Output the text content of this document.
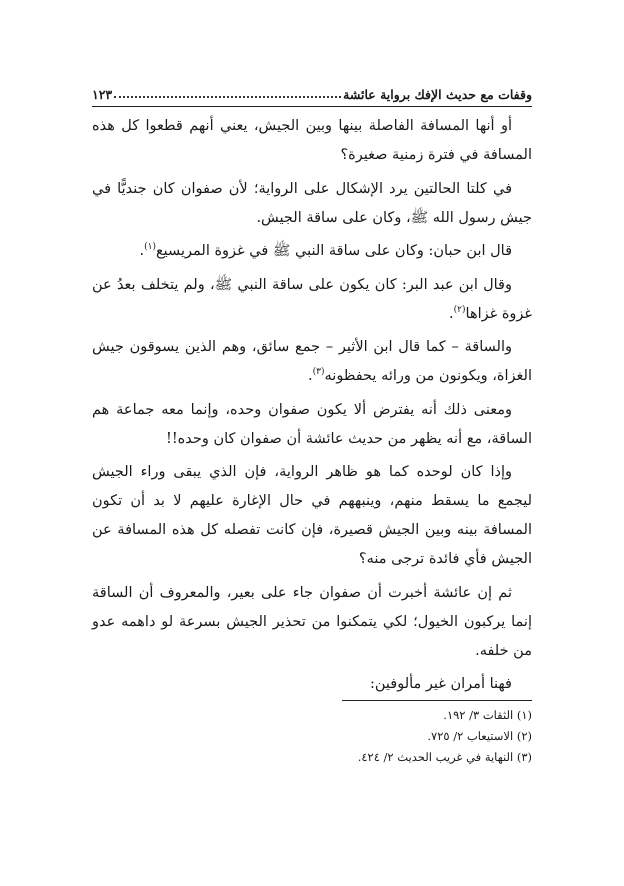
وقفات مع حديث الإفك برواية عائشة
١٢٣

أو أنها المسافة الفاصلة بينها وبين الجيش، يعني أنهم قطعوا كل هذه المسافة في فترة زمنية صغيرة؟

في كلتا الحالتين يرد الإشكال على الرواية؛ لأن صفوان كان جنديًّا في جيش رسول الله ﷺ، وكان على ساقة الجيش.

قال ابن حبان: وكان على ساقة النبي ﷺ في غزوة المريسيع$^{(١)}$.

وقال ابن عبد البر: كان يكون على ساقة النبي ﷺ، ولم يتخلف بعدُ عن غزوة غزاها$^{(٢)}$.

والساقة – كما قال ابن الأثير – جمع سائق، وهم الذين يسوقون جيش الغزاة، ويكونون من ورائه يحفظونه$^{(٣)}$.

ومعنى ذلك أنه يفترض ألا يكون صفوان وحده، وإنما معه جماعة هم الساقة، مع أنه يظهر من حديث عائشة أن صفوان كان وحده!!

وإذا كان لوحده كما هو ظاهر الرواية، فإن الذي يبقى وراء الجيش ليجمع ما يسقط منهم، وينبههم في حال الإغارة عليهم لا بد أن تكون المسافة بينه وبين الجيش قصيرة، فإن كانت تفصله كل هذه المسافة عن الجيش فأي فائدة ترجى منه؟

ثم إن عائشة أخبرت أن صفوان جاء على بعير، والمعروف أن الساقة إنما يركبون الخيول؛ لكي يتمكنوا من تحذير الجيش بسرعة لو داهمه عدو من خلفه.

فهنا أمران غير مألوفين:

(١) الثقات ٣/ ١٩٢.

(٢) الاستيعاب ٢/ ٧٢٥.

(٣) النهاية في غريب الحديث ٢/ ٤٢٤.
